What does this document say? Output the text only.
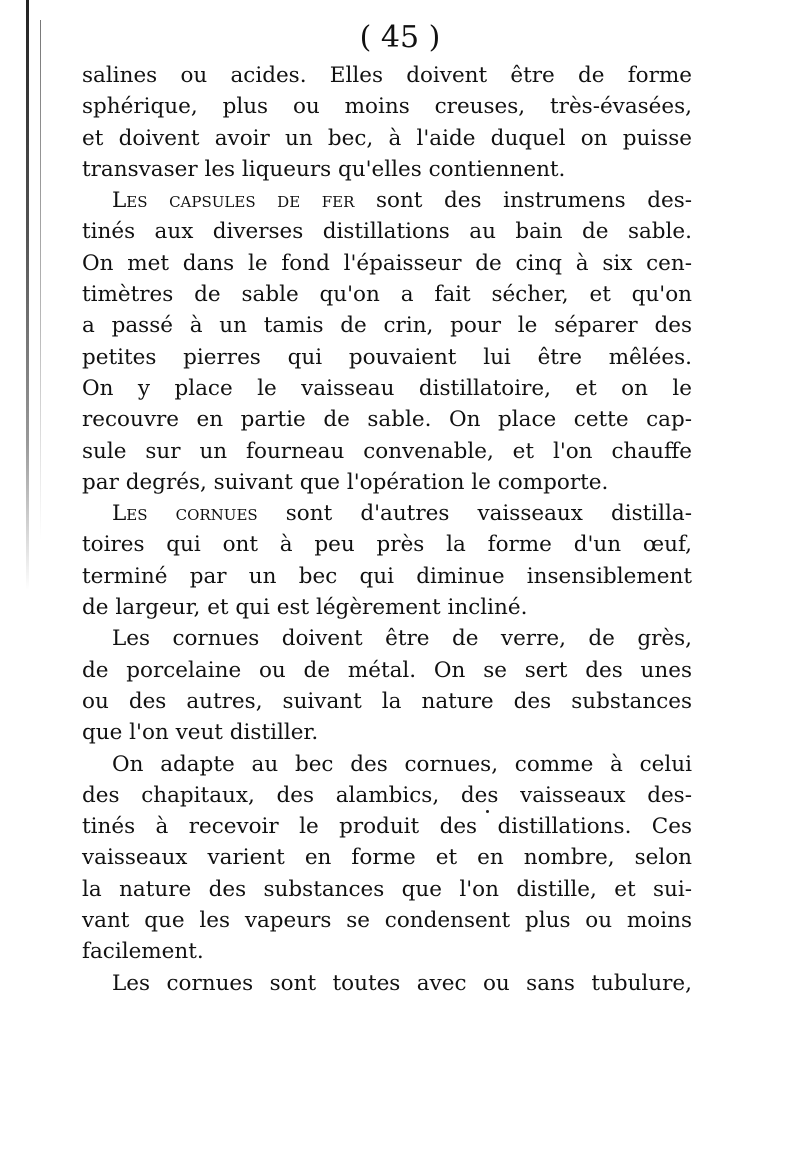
( 45 )
salines ou acides. Elles doivent être de forme
sphérique, plus ou moins creuses, très-évasées,
et doivent avoir un bec, à l'aide duquel on puisse
transvaser les liqueurs qu'elles contiennent.
Les capsules de fer sont des instrumens des-
tinés aux diverses distillations au bain de sable.
On met dans le fond l'épaisseur de cinq à six cen-
timètres de sable qu'on a fait sécher, et qu'on
a passé à un tamis de crin, pour le séparer des
petites pierres qui pouvaient lui être mêlées.
On y place le vaisseau distillatoire, et on le
recouvre en partie de sable. On place cette cap-
sule sur un fourneau convenable, et l'on chauffe
par degrés, suivant que l'opération le comporte.
Les cornues sont d'autres vaisseaux distilla-
toires qui ont à peu près la forme d'un œuf,
terminé par un bec qui diminue insensiblement
de largeur, et qui est légèrement incliné.
Les cornues doivent être de verre, de grès,
de porcelaine ou de métal. On se sert des unes
ou des autres, suivant la nature des substances
que l'on veut distiller.
On adapte au bec des cornues, comme à celui
des chapitaux, des alambics, des vaisseaux des-
tinés à recevoir le produit des distillations. Ces
vaisseaux varient en forme et en nombre, selon
la nature des substances que l'on distille, et sui-
vant que les vapeurs se condensent plus ou moins
facilement.
Les cornues sont toutes avec ou sans tubulure,
